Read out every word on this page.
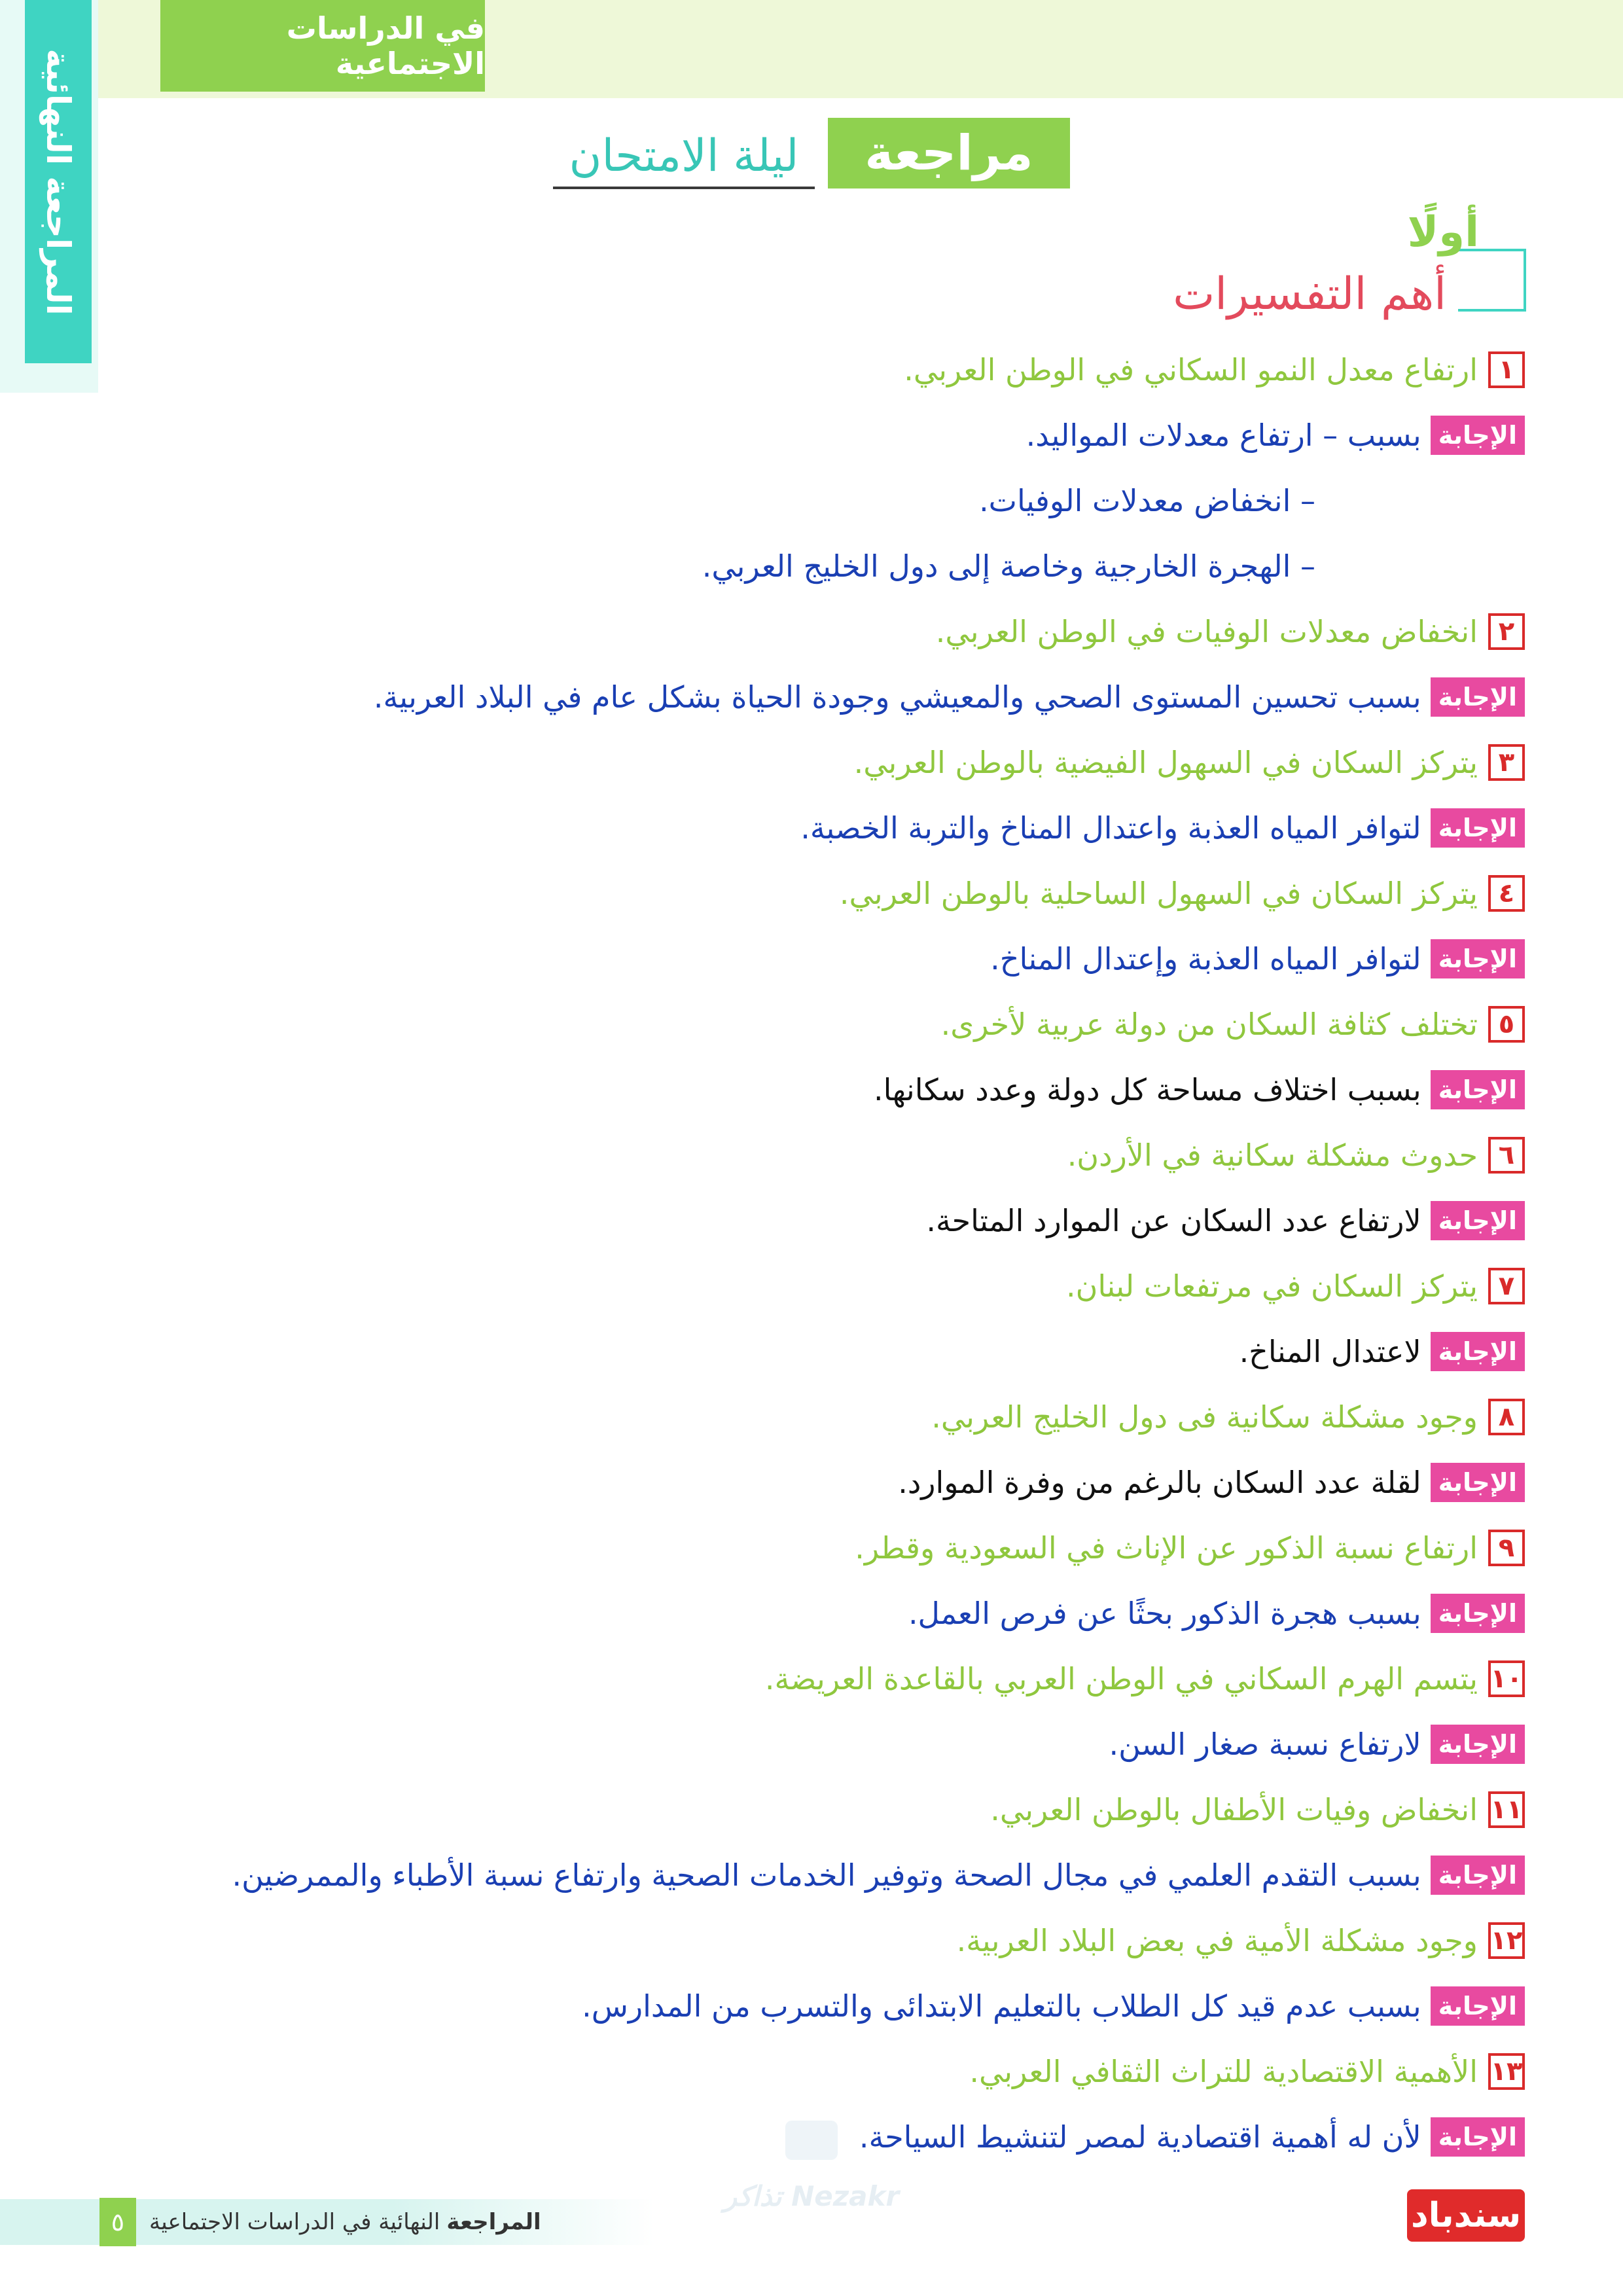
في الدراسات الاجتماعية
المراجعة النهائية	مراجعة
ليلة الامتحان
أولًا
أهم التفسيرات
١
ارتفاع معدل النمو السكاني في الوطن العربي.
الإجابة
بسبب – ارتفاع معدلات المواليد.
– انخفاض معدلات الوفيات.
– الهجرة الخارجية وخاصة إلى دول الخليج العربي.
٢
انخفاض معدلات الوفيات في الوطن العربي.
الإجابة
بسبب تحسين المستوى الصحي والمعيشي وجودة الحياة بشكل عام في البلاد العربية.
٣
يتركز السكان في السهول الفيضية بالوطن العربي.
الإجابة
لتوافر المياه العذبة واعتدال المناخ والتربة الخصبة.
٤
يتركز السكان في السهول الساحلية بالوطن العربي.
الإجابة
لتوافر المياه العذبة وإعتدال المناخ.
٥
تختلف كثافة السكان من دولة عربية لأخرى.
الإجابة
بسبب اختلاف مساحة كل دولة وعدد سكانها.
٦
حدوث مشكلة سكانية في الأردن.
الإجابة
لارتفاع عدد السكان عن الموارد المتاحة.
٧
يتركز السكان في مرتفعات لبنان.
الإجابة
لاعتدال المناخ.
٨
وجود مشكلة سكانية فى دول الخليج العربي.
الإجابة
لقلة عدد السكان بالرغم من وفرة الموارد.
٩
ارتفاع نسبة الذكور عن الإناث في السعودية وقطر.
الإجابة
بسبب هجرة الذكور بحثًا عن فرص العمل.
١٠
يتسم الهرم السكاني في الوطن العربي بالقاعدة العريضة.
الإجابة
لارتفاع نسبة صغار السن.
١١
انخفاض وفيات الأطفال بالوطن العربي.
الإجابة
بسبب التقدم العلمي في مجال الصحة وتوفير الخدمات الصحية وارتفاع نسبة الأطباء والممرضين.
١٢
وجود مشكلة الأمية في بعض البلاد العربية.
الإجابة
بسبب عدم قيد كل الطلاب بالتعليم الابتدائى والتسرب من المدارس.
١٣
الأهمية الاقتصادية للتراث الثقافي العربي.
الإجابة
لأن له أهمية اقتصادية لمصر لتنشيط السياحة.
Nezakr تذاكر
٥	المراجعة
النهائية في الدراسات الاجتماعية	سندباد
